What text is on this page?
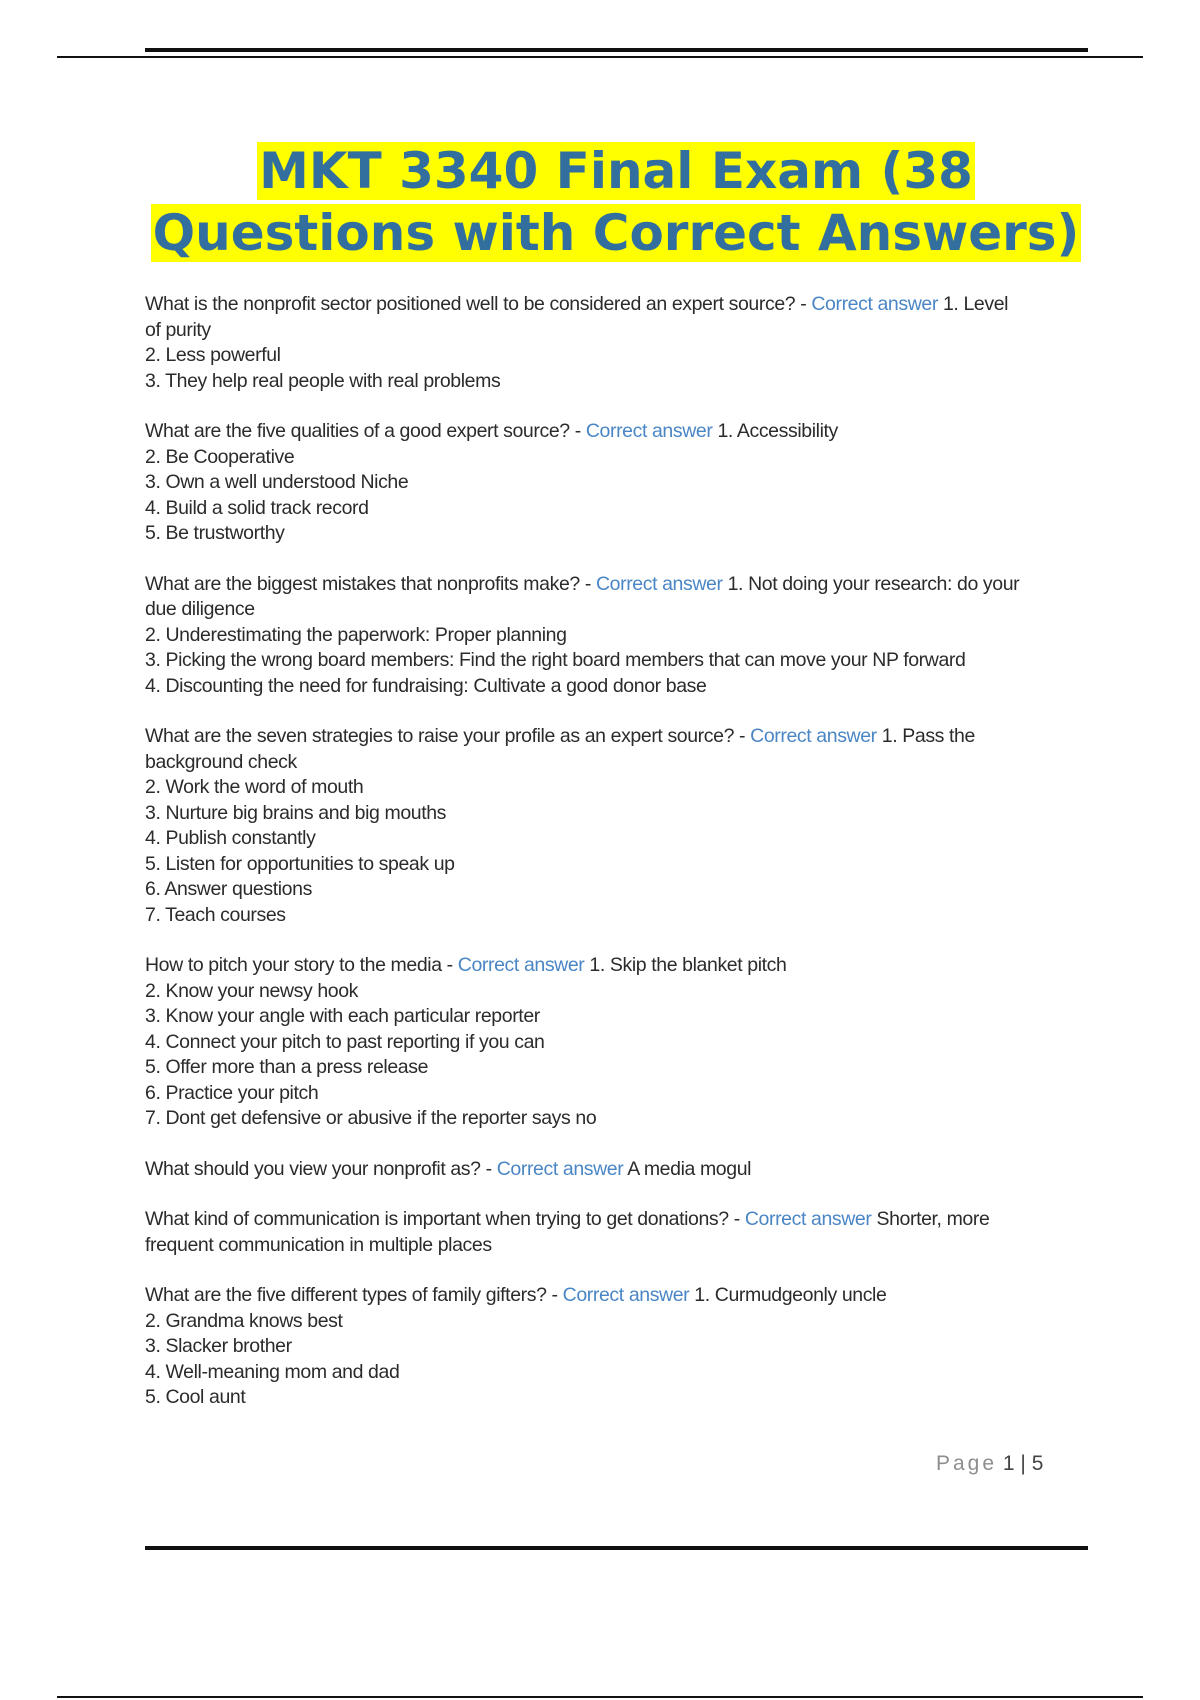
MKT 3340 Final Exam (38
Questions with Correct Answers)
What is the nonprofit sector positioned well to be considered an expert source? - Correct answer 1. Level
of purity
2. Less powerful
3. They help real people with real problems
What are the five qualities of a good expert source? - Correct answer 1. Accessibility
2. Be Cooperative
3. Own a well understood Niche
4. Build a solid track record
5. Be trustworthy
What are the biggest mistakes that nonprofits make? - Correct answer 1. Not doing your research: do your
due diligence
2. Underestimating the paperwork: Proper planning
3. Picking the wrong board members: Find the right board members that can move your NP forward
4. Discounting the need for fundraising: Cultivate a good donor base
What are the seven strategies to raise your profile as an expert source? - Correct answer 1. Pass the
background check
2. Work the word of mouth
3. Nurture big brains and big mouths
4. Publish constantly
5. Listen for opportunities to speak up
6. Answer questions
7. Teach courses
How to pitch your story to the media - Correct answer 1. Skip the blanket pitch
2. Know your newsy hook
3. Know your angle with each particular reporter
4. Connect your pitch to past reporting if you can
5. Offer more than a press release
6. Practice your pitch
7. Dont get defensive or abusive if the reporter says no
What should you view your nonprofit as? - Correct answer A media mogul
What kind of communication is important when trying to get donations? - Correct answer Shorter, more
frequent communication in multiple places
What are the five different types of family gifters? - Correct answer 1. Curmudgeonly uncle
2. Grandma knows best
3. Slacker brother
4. Well-meaning mom and dad
5. Cool aunt
Page 1 | 5
